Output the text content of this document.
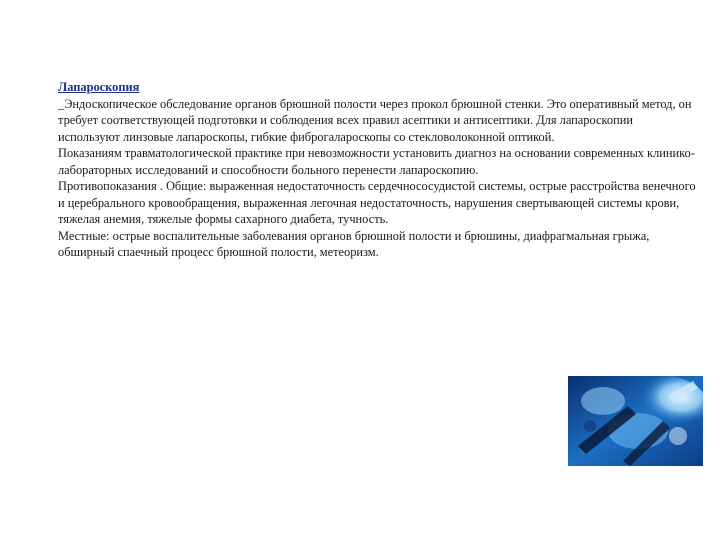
Лапароскопия

_Эндоскопическое обследование органов брюшной полости через прокол брюшной стенки. Это оперативный метод, он требует соответствующей подготовки и соблюдения всех правил асептики и антисептики. Для лапароскопии используют линзовые лапароскопы, гибкие фиброгалароскопы со стекловолоконной оптикой.

Показаниям травматологической практике при невозможности установить диагноз на основании современных клинико-лабораторных исследований и способности больного перенести лапароскопию.

Противопоказания . Общие: выраженная недостаточность сердечнососудистой системы, острые расстройства венечного и церебрального кровообращения, выраженная легочная недостаточность, нарушения свертывающей системы крови, тяжелая анемия, тяжелые формы сахарного диабета, тучность.

Местные: острые воспалительные заболевания органов брюшной полости и брюшины, диафрагмальная грыжа, обширный спаечный процесс брюшной полости, метеоризм.
